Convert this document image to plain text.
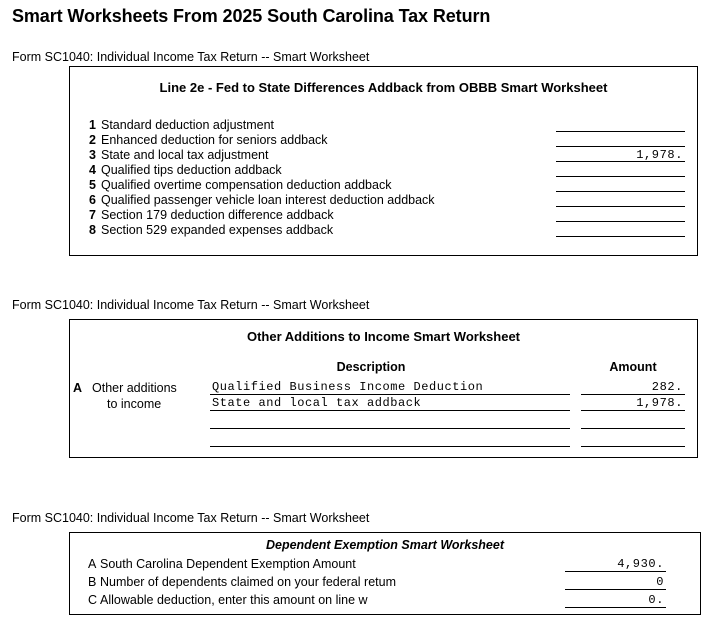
Smart Worksheets From 2025 South Carolina Tax Return
Form SC1040: Individual Income Tax Return -- Smart Worksheet
Line 2e - Fed to State Differences Addback from OBBB Smart Worksheet
1 Standard deduction adjustment
2 Enhanced deduction for seniors addback
3 State and local tax adjustment	1,978.
4 Qualified tips deduction addback
5 Qualified overtime compensation deduction addback
6 Qualified passenger vehicle loan interest deduction addback
7 Section 179 deduction difference addback
8 Section 529 expanded expenses addback
Form SC1040: Individual Income Tax Return -- Smart Worksheet
Other Additions to Income Smart Worksheet
Description	Amount
A Other additions
to income
Qualified Business Income Deduction	282.
State and local tax addback	1,978.
Form SC1040: Individual Income Tax Return -- Smart Worksheet
Dependent Exemption Smart Worksheet
A South Carolina Dependent Exemption Amount	4,930.
B Number of dependents claimed on your federal retum	0
C Allowable deduction, enter this amount on line w	0.
